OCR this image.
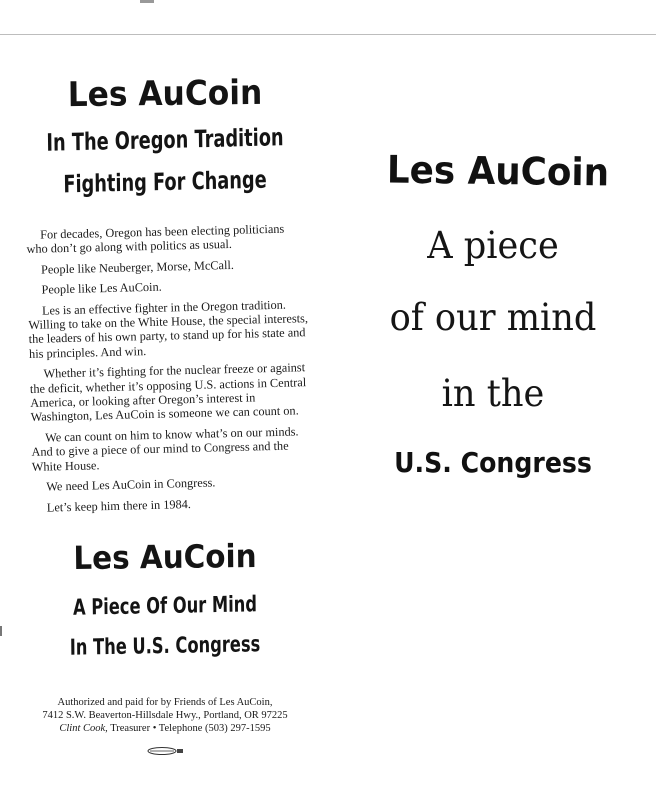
Les AuCoin
In The Oregon Tradition
Fighting For Change

For decades, Oregon has been electing politicians who don’t go along with politics as usual.

People like Neuberger, Morse, McCall.

People like Les AuCoin.

Les is an effective fighter in the Oregon tradition. Willing to take on the White House, the special interests, the leaders of his own party, to stand up for his state and his principles. And win.

Whether it’s fighting for the nuclear freeze or against the deficit, whether it’s opposing U.S. actions in Central America, or looking after Oregon’s interest in Washington, Les AuCoin is someone we can count on.

We can count on him to know what’s on our minds. And to give a piece of our mind to Congress and the White House.

We need Les AuCoin in Congress.

Let’s keep him there in 1984.

Les AuCoin
A Piece Of Our Mind
In The U.S. Congress

Authorized and paid for by Friends of Les AuCoin,

7412 S.W. Beaverton-Hillsdale Hwy., Portland, OR 97225

Clint Cook, Treasurer • Telephone (503) 297-1595

Les AuCoin
A piece
of our mind
in the
U.S. Congress
